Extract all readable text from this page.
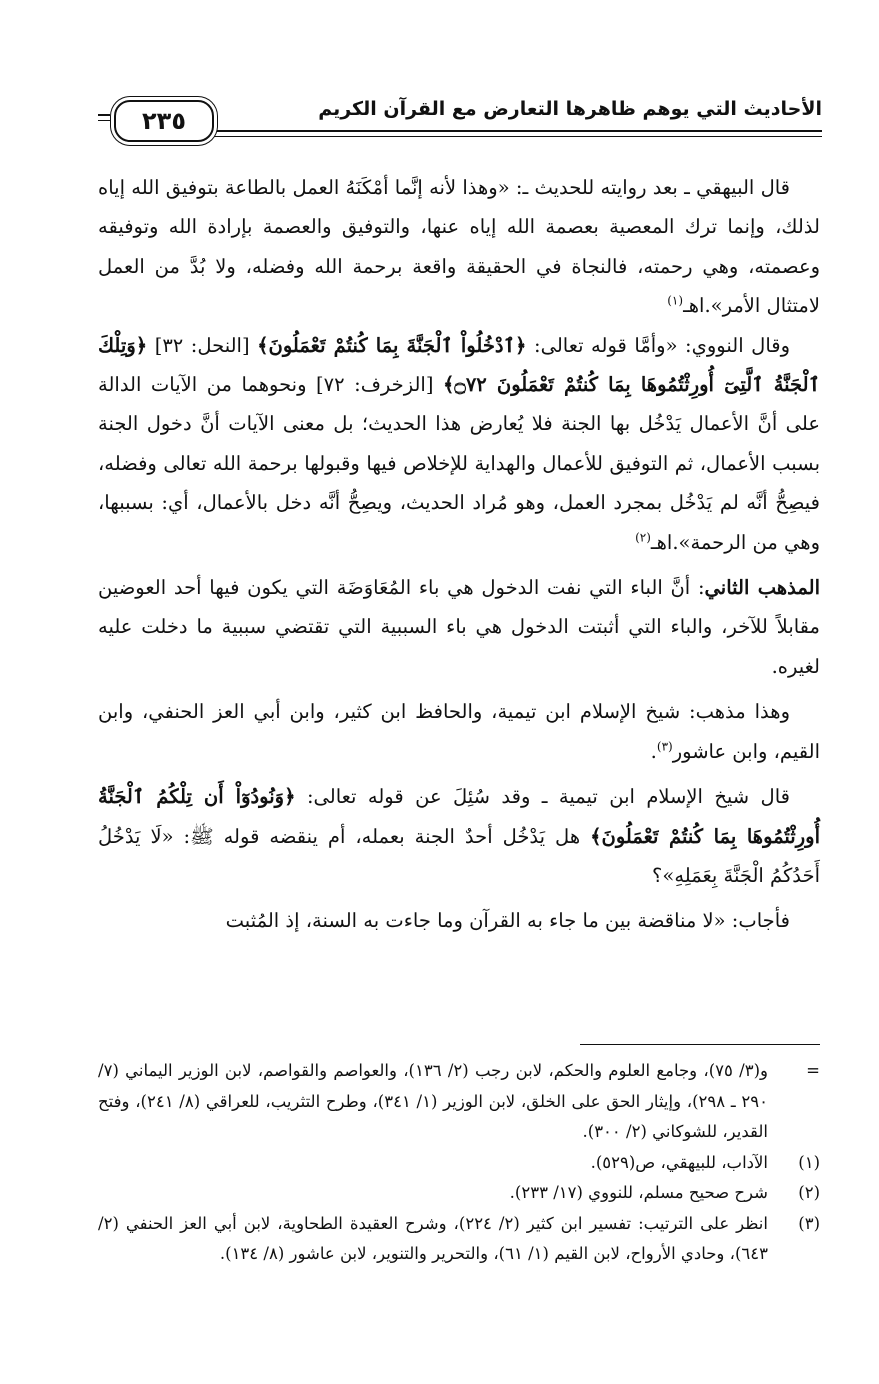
الأحاديث التي يوهم ظاهرها التعارض مع القرآن الكريم
٢٣٥

قال البيهقي ـ بعد روايته للحديث ـ: «وهذا لأنه إنَّما أمْكَنَهُ العمل بالطاعة بتوفيق الله إياه لذلك، وإنما ترك المعصية بعصمة الله إياه عنها، والتوفيق والعصمة بإرادة الله وتوفيقه وعصمته، وهي رحمته، فالنجاة في الحقيقة واقعة برحمة الله وفضله، ولا بُدَّ من العمل لامتثال الأمر».اهـ$^{(١)}$

وقال النووي: «وأمَّا قوله تعالى: ﴿ٱدْخُلُواْ ٱلْجَنَّةَ بِمَا كُنتُمْ تَعْمَلُونَ﴾ [النحل: ٣٢] ﴿وَتِلْكَ ٱلْجَنَّةُ ٱلَّتِىٓ أُورِثْتُمُوهَا بِمَا كُنتُمْ تَعْمَلُونَ ۝٧٢﴾ [الزخرف: ٧٢] ونحوهما من الآيات الدالة على أنَّ الأعمال يَدْخُل بها الجنة فلا يُعارض هذا الحديث؛ بل معنى الآيات أنَّ دخول الجنة بسبب الأعمال، ثم التوفيق للأعمال والهداية للإخلاص فيها وقبولها برحمة الله تعالى وفضله، فيصِحُّ أنَّه لم يَدْخُل بمجرد العمل، وهو مُراد الحديث، ويصِحُّ أنَّه دخل بالأعمال، أي: بسببها، وهي من الرحمة».اهـ$^{(٢)}$

المذهب الثاني: أنَّ الباء التي نفت الدخول هي باء المُعَاوَضَة التي يكون فيها أحد العوضين مقابلاً للآخر، والباء التي أثبتت الدخول هي باء السببية التي تقتضي سببية ما دخلت عليه لغيره.

وهذا مذهب: شيخ الإسلام ابن تيمية، والحافظ ابن كثير، وابن أبي العز الحنفي، وابن القيم، وابن عاشور$^{(٣)}$.

قال شيخ الإسلام ابن تيمية ـ وقد سُئِلَ عن قوله تعالى: ﴿وَنُودُوٓاْ أَن تِلْكُمُ ٱلْجَنَّةُ أُورِثْتُمُوهَا بِمَا كُنتُمْ تَعْمَلُونَ﴾ هل يَدْخُل أحدٌ الجنة بعمله، أم ينقضه قوله ﷺ: «لَا يَدْخُلُ أَحَدُكُمُ الْجَنَّةَ بِعَمَلِهِ»؟

فأجاب: «لا مناقضة بين ما جاء به القرآن وما جاءت به السنة، إذ المُثبت

=
و(٣/ ٧٥)، وجامع العلوم والحكم، لابن رجب (٢/ ١٣٦)، والعواصم والقواصم، لابن الوزير اليماني (٧/ ٢٩٠ ـ ٢٩٨)، وإيثار الحق على الخلق، لابن الوزير (١/ ٣٤١)، وطرح التثريب، للعراقي (٨/ ٢٤١)، وفتح القدير، للشوكاني (٢/ ٣٠٠).
(١)
الآداب، للبيهقي، ص(٥٢٩).
(٢)
شرح صحيح مسلم، للنووي (١٧/ ٢٣٣).
(٣)
انظر على الترتيب: تفسير ابن كثير (٢/ ٢٢٤)، وشرح العقيدة الطحاوية، لابن أبي العز الحنفي (٢/ ٦٤٣)، وحادي الأرواح، لابن القيم (١/ ٦١)، والتحرير والتنوير، لابن عاشور (٨/ ١٣٤).
